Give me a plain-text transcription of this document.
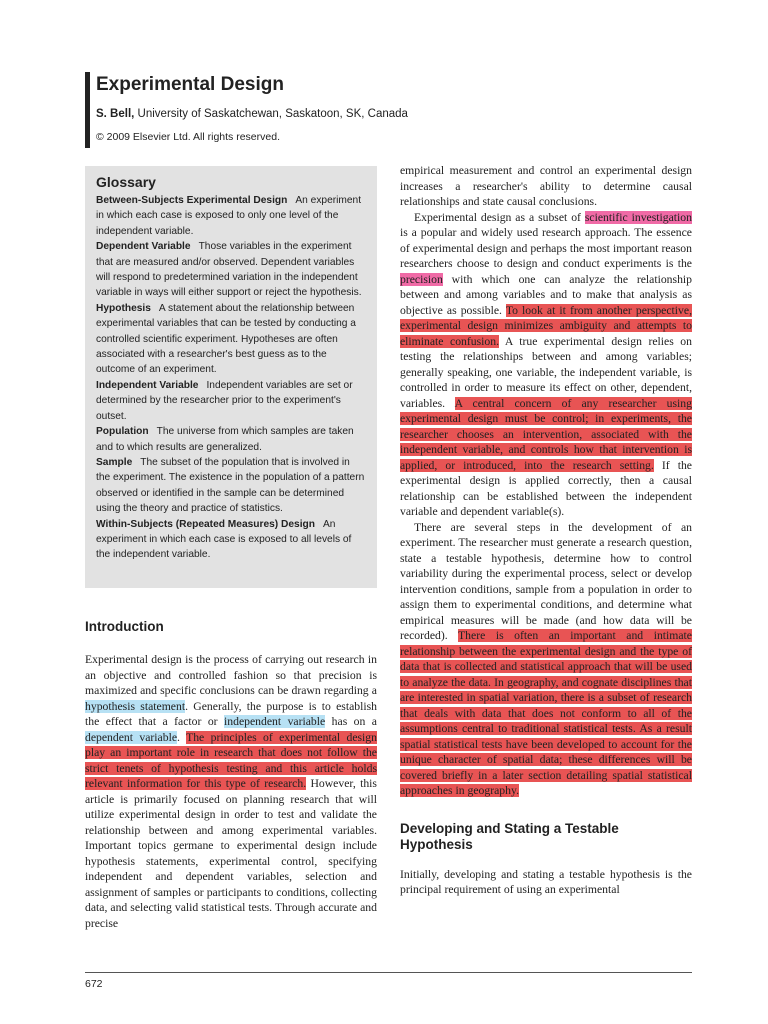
Experimental Design
S. Bell, University of Saskatchewan, Saskatoon, SK, Canada
© 2009 Elsevier Ltd. All rights reserved.
Glossary

Between-Subjects Experimental Design An experiment in which each case is exposed to only one level of the independent variable.

Dependent Variable Those variables in the experiment that are measured and/or observed. Dependent variables will respond to predetermined variation in the independent variable in ways will either support or reject the hypothesis.

Hypothesis A statement about the relationship between experimental variables that can be tested by conducting a controlled scientific experiment. Hypotheses are often associated with a researcher's best guess as to the outcome of an experiment.

Independent Variable Independent variables are set or determined by the researcher prior to the experiment's outset.

Population The universe from which samples are taken and to which results are generalized.

Sample The subset of the population that is involved in the experiment. The existence in the population of a pattern observed or identified in the sample can be determined using the theory and practice of statistics.

Within-Subjects (Repeated Measures) Design An experiment in which each case is exposed to all levels of the independent variable.

Introduction

Experimental design is the process of carrying out research in an objective and controlled fashion so that precision is maximized and specific conclusions can be drawn regarding a hypothesis statement. Generally, the purpose is to establish the effect that a factor or independent variable has on a dependent variable. The principles of experimental design play an important role in research that does not follow the strict tenets of hypothesis testing and this article holds relevant information for this type of research. However, this article is primarily focused on planning research that will utilize experimental design in order to test and validate the relationship between and among experimental variables. Important topics germane to experimental design include hypothesis statements, experimental control, specifying independent and dependent variables, selection and assignment of samples or participants to conditions, collecting data, and selecting valid statistical tests. Through accurate and precise

empirical measurement and control an experimental design increases a researcher's ability to determine causal relationships and state causal conclusions.

Experimental design as a subset of scientific investigation is a popular and widely used research approach. The essence of experimental design and perhaps the most important reason researchers choose to design and conduct experiments is the precision with which one can analyze the relationship between and among variables and to make that analysis as objective as possible. To look at it from another perspective, experimental design minimizes ambiguity and attempts to eliminate confusion. A true experimental design relies on testing the relationships between and among variables; generally speaking, one variable, the independent variable, is controlled in order to measure its effect on other, dependent, variables. A central concern of any researcher using experimental design must be control; in experiments, the researcher chooses an intervention, associated with the independent variable, and controls how that intervention is applied, or introduced, into the research setting. If the experimental design is applied correctly, then a causal relationship can be established between the independent variable and dependent variable(s).

There are several steps in the development of an experiment. The researcher must generate a research question, state a testable hypothesis, determine how to control variability during the experimental process, select or develop intervention conditions, sample from a population in order to assign them to experimental conditions, and determine what empirical measures will be made (and how data will be recorded). There is often an important and intimate relationship between the experimental design and the type of data that is collected and statistical approach that will be used to analyze the data. In geography, and cognate disciplines that are interested in spatial variation, there is a subset of research that deals with data that does not conform to all of the assumptions central to traditional statistical tests. As a result spatial statistical tests have been developed to account for the unique character of spatial data; these differences will be covered briefly in a later section detailing spatial statistical approaches in geography.

Developing and Stating a Testable Hypothesis

Initially, developing and stating a testable hypothesis is the principal requirement of using an experimental

672
